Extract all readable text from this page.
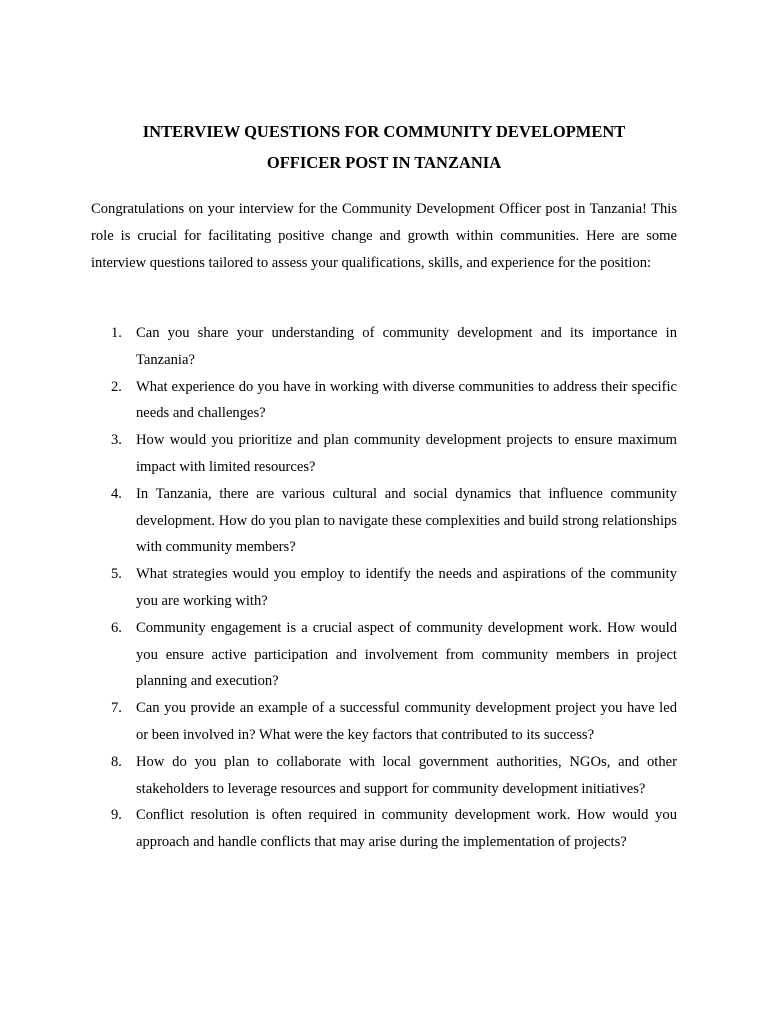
INTERVIEW QUESTIONS FOR COMMUNITY DEVELOPMENT
OFFICER POST IN TANZANIA

Congratulations on your interview for the Community Development Officer post in Tanzania! This role is crucial for facilitating positive change and growth within communities. Here are some interview questions tailored to assess your qualifications, skills, and experience for the position:

1. Can you share your understanding of community development and its importance in Tanzania?
2. What experience do you have in working with diverse communities to address their specific needs and challenges?
3. How would you prioritize and plan community development projects to ensure maximum impact with limited resources?
4. In Tanzania, there are various cultural and social dynamics that influence community development. How do you plan to navigate these complexities and build strong relationships with community members?
5. What strategies would you employ to identify the needs and aspirations of the community you are working with?
6. Community engagement is a crucial aspect of community development work. How would you ensure active participation and involvement from community members in project planning and execution?
7. Can you provide an example of a successful community development project you have led or been involved in? What were the key factors that contributed to its success?
8. How do you plan to collaborate with local government authorities, NGOs, and other stakeholders to leverage resources and support for community development initiatives?
9. Conflict resolution is often required in community development work. How would you approach and handle conflicts that may arise during the implementation of projects?
